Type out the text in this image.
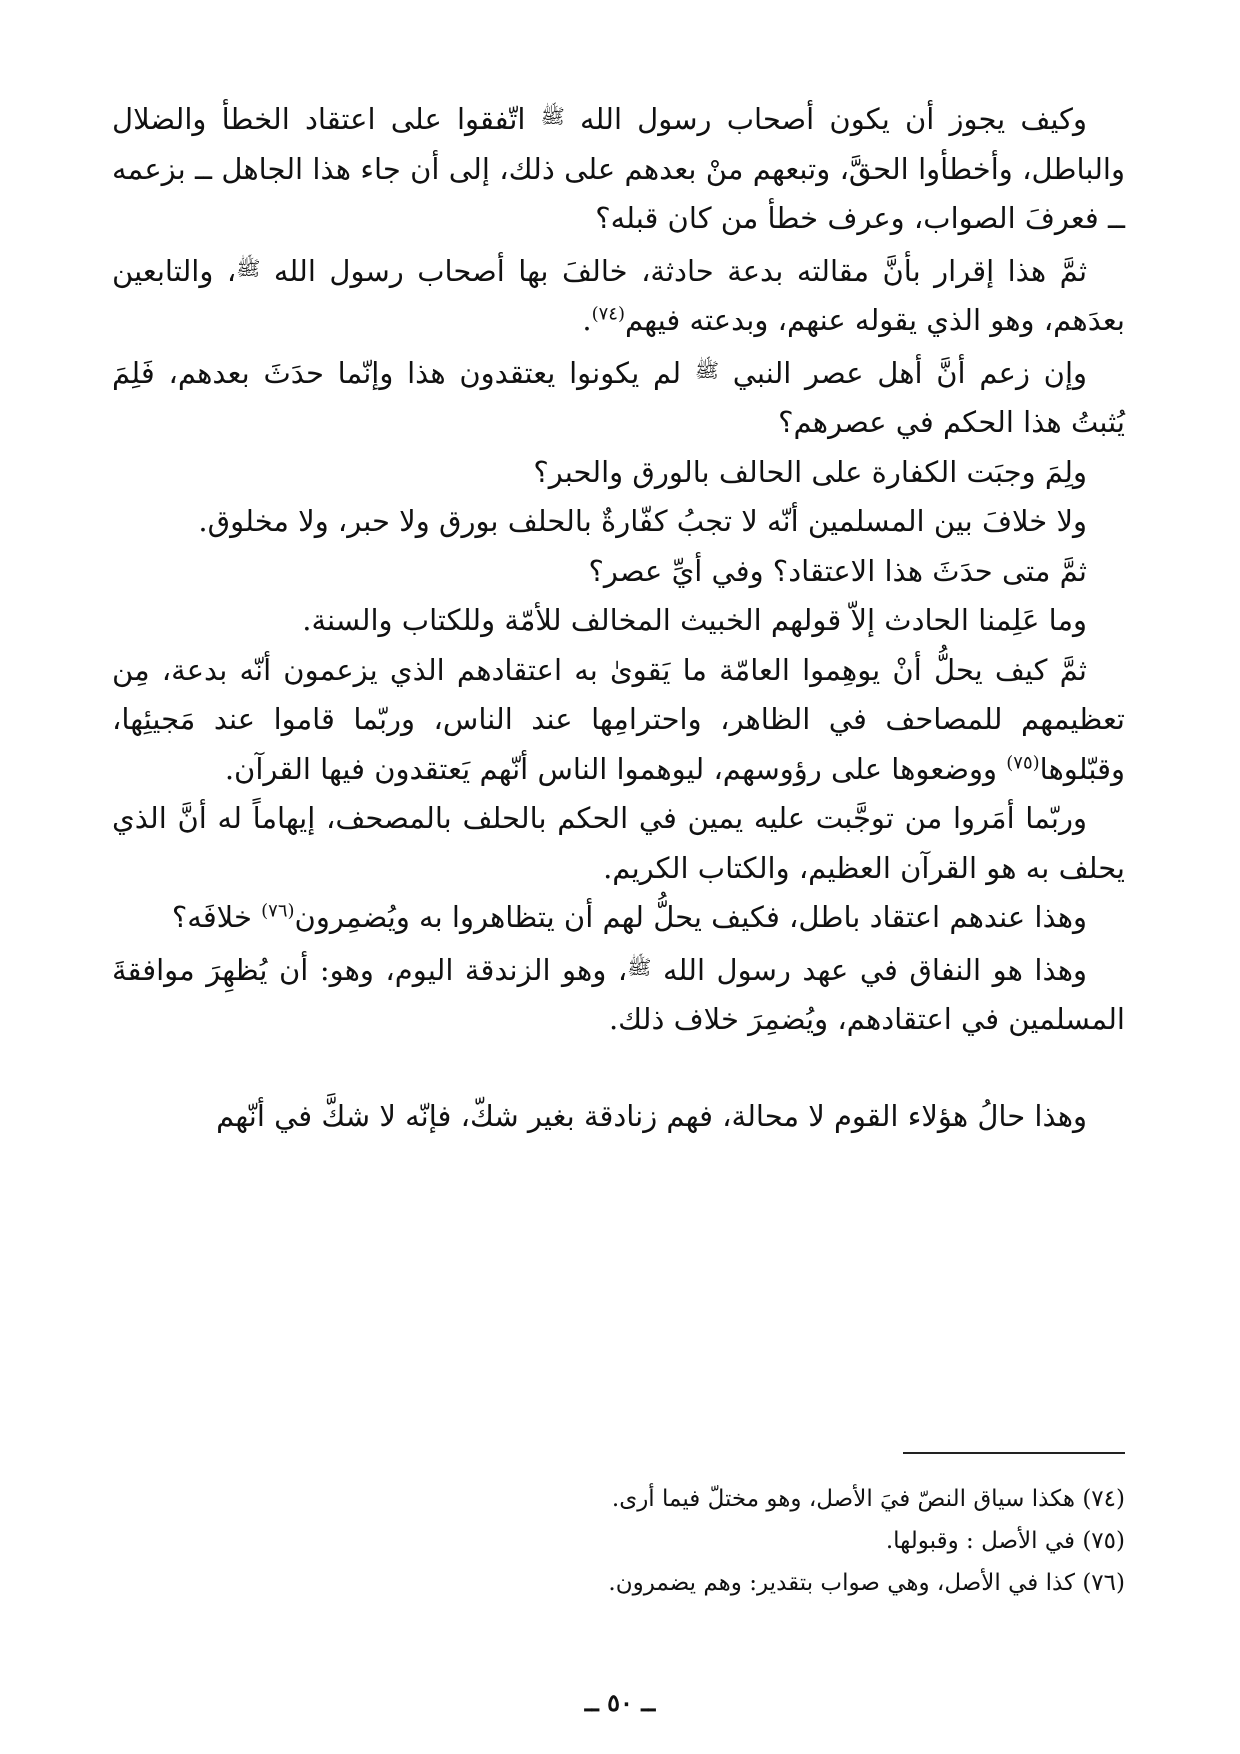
وكيف يجوز أن يكون أصحاب رسول الله $^ﷺ$ اتّفقوا على اعتقاد الخطأ والضلال والباطل، وأخطأوا الحقَّ، وتبعهم منْ بعدهم على ذلك، إلى أن جاء هذا الجاهل ــ بزعمه ــ فعرفَ الصواب، وعرف خطأ من كان قبله؟

ثمَّ هذا إقرار بأنَّ مقالته بدعة حادثة، خالفَ بها أصحاب رسول الله $^ﷺ$، والتابعين بعدَهم، وهو الذي يقوله عنهم، وبدعته فيهم$^{(٧٤)}$.

وإن زعم أنَّ أهل عصر النبي $^ﷺ$ لم يكونوا يعتقدون هذا وإنّما حدَثَ بعدهم، فَلِمَ يُثبتُ هذا الحكم في عصرهم؟

ولِمَ وجبَت الكفارة على الحالف بالورق والحبر؟

ولا خلافَ بين المسلمين أنّه لا تجبُ كفّارةٌ بالحلف بورق ولا حبر، ولا مخلوق.

ثمَّ متى حدَثَ هذا الاعتقاد؟ وفي أيِّ عصر؟

وما عَلِمنا الحادث إلاّ قولهم الخبيث المخالف للأمّة وللكتاب والسنة.

ثمَّ كيف يحلُّ أنْ يوهِموا العامّة ما يَقوىٰ به اعتقادهم الذي يزعمون أنّه بدعة، مِن تعظيمهم للمصاحف في الظاهر، واحترامِها عند الناس، وربّما قاموا عند مَجيئِها، وقبّلوها$^{(٧٥)}$ ووضعوها على رؤوسهم، ليوهموا الناس أنّهم يَعتقدون فيها القرآن.

وربّما أمَروا من توجَّبت عليه يمين في الحكم بالحلف بالمصحف، إيهاماً له أنَّ الذي يحلف به هو القرآن العظيم، والكتاب الكريم.

وهذا عندهم اعتقاد باطل، فكيف يحلُّ لهم أن يتظاهروا به ويُضمِرون$^{(٧٦)}$ خلافَه؟

وهذا هو النفاق في عهد رسول الله $^ﷺ$، وهو الزندقة اليوم، وهو: أن يُظهِرَ موافقةَ المسلمين في اعتقادهم، ويُضمِرَ خلاف ذلك.

وهذا حالُ هؤلاء القوم لا محالة، فهم زنادقة بغير شكّ، فإنّه لا شكَّ في أنّهم

(٧٤) هكذا سياق النصّ فيَ الأصل، وهو مختلّ فيما أرى.

(٧٥) في الأصل : وقبولها.

(٧٦) كذا في الأصل، وهي صواب بتقدير: وهم يضمرون.

ــ ٥٠ ــ
